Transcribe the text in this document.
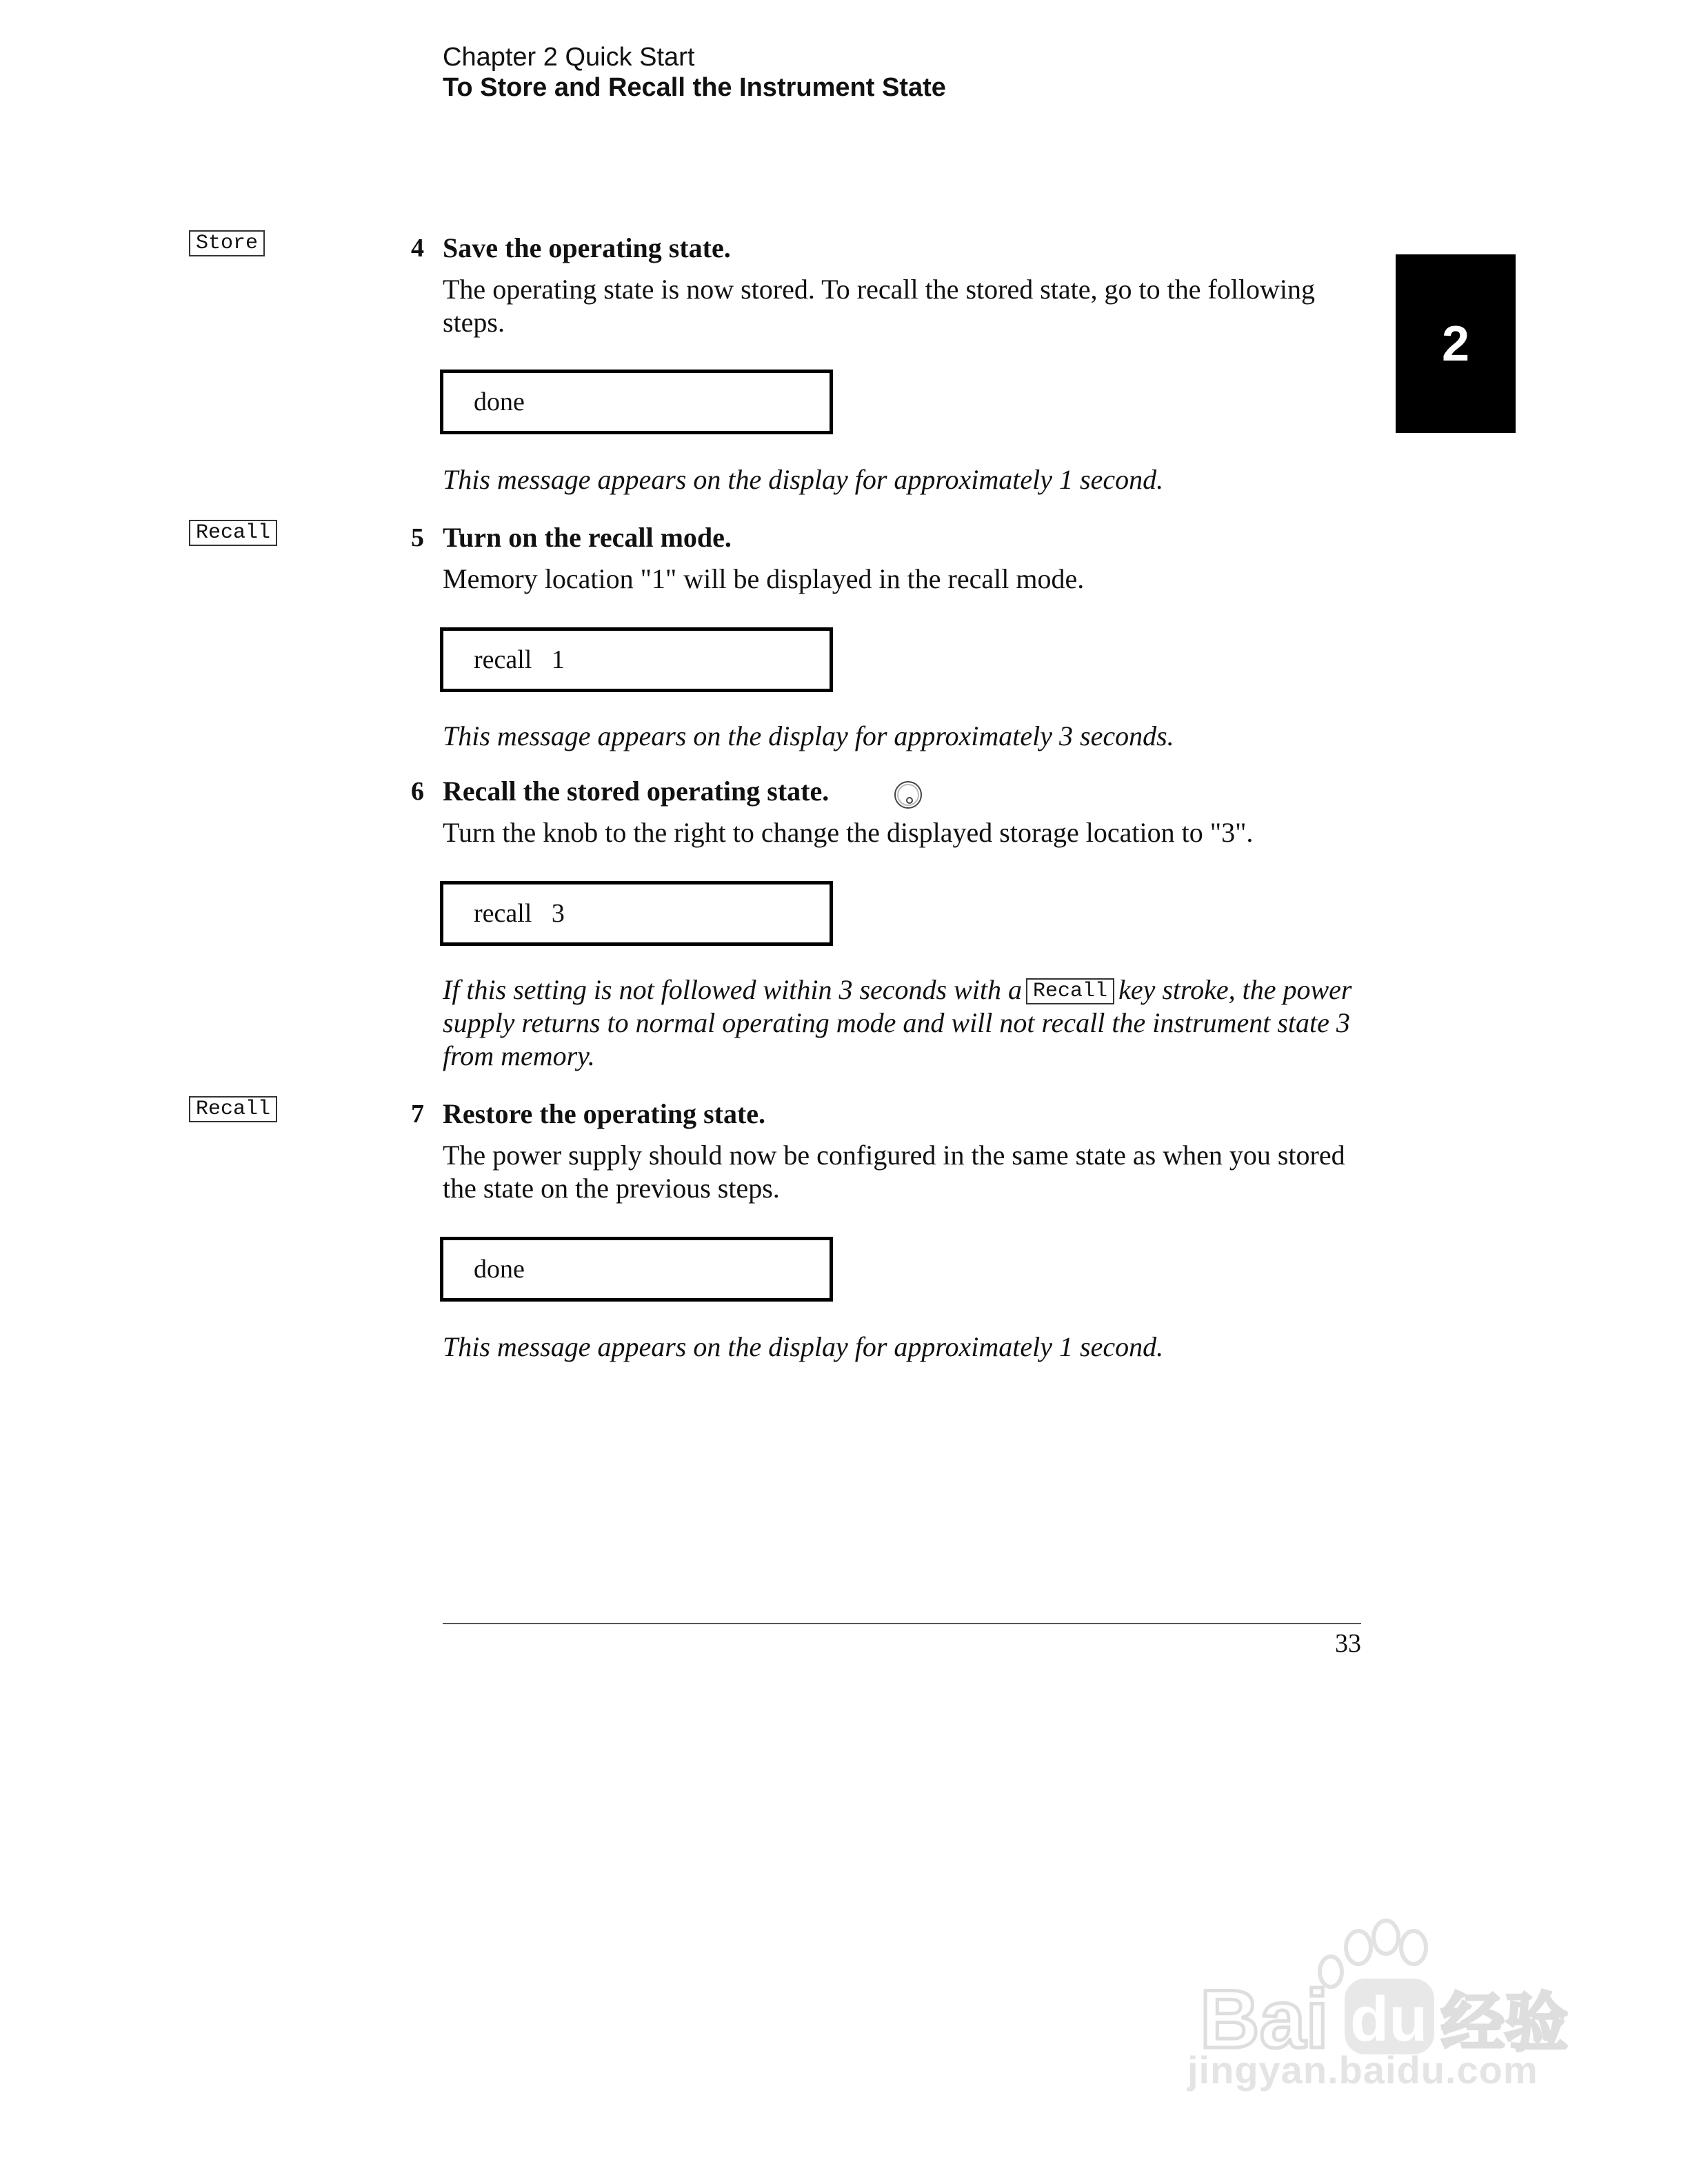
Chapter 2 Quick Start
To Store and Recall the Instrument State
2
Store	4 Save the operating state.
The operating state is now stored. To recall the stored state, go to the following steps.
done
This message appears on the display for approximately 1 second.
Recall	5 Turn on the recall mode.
Memory location "1" will be displayed in the recall mode.
recall   1
This message appears on the display for approximately 3 seconds.
6 Recall the stored operating state.
Turn the knob to the right to change the displayed storage location to "3".
recall   3
If this setting is not followed within 3 seconds with a Recall key stroke, the power supply returns to normal operating mode and will not recall the instrument state 3 from memory.
Recall	7 Restore the operating state.
The power supply should now be configured in the same state as when you stored the state on the previous steps.
done
This message appears on the display for approximately 1 second.
33
Bai du 经验
jingyan.baidu.com
